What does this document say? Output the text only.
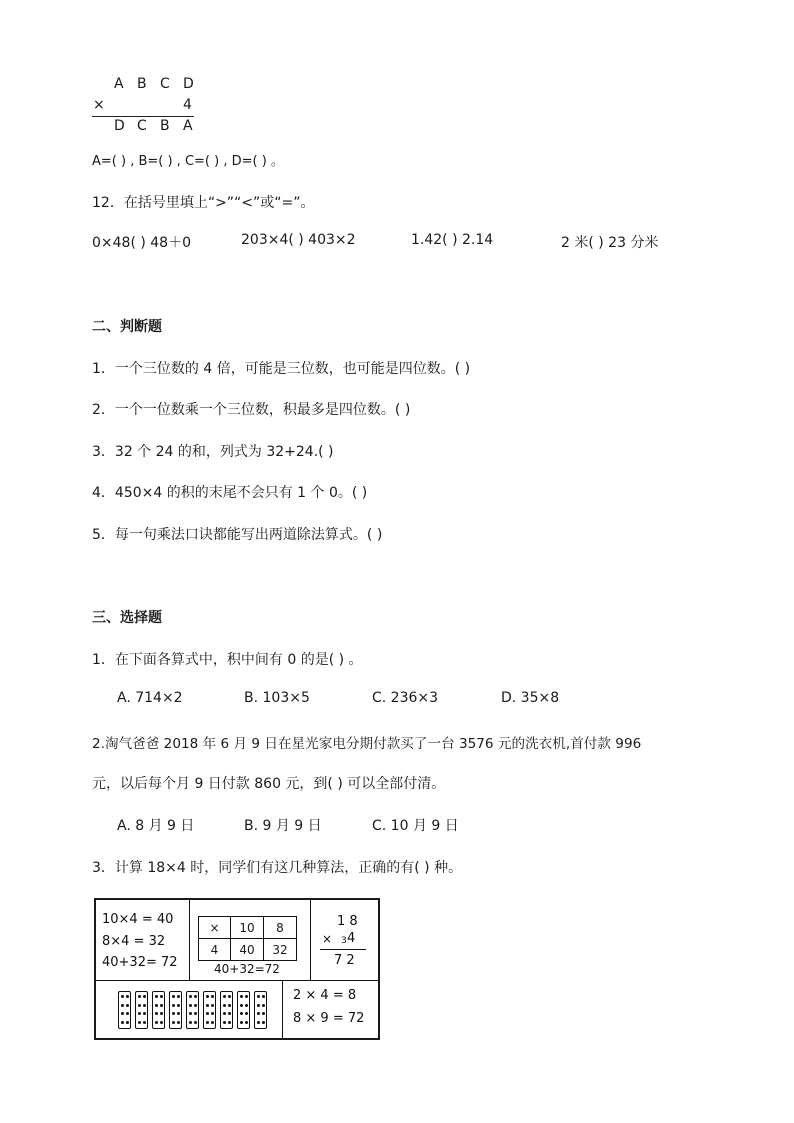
A B C D
×	4
D C B A
A=( ) , B=( ) , C=( ) , D=( ) 。
12．在括号里填上“>”“<”或“=”。
0×48( ) 48＋0	203×4( ) 403×2	1.42( ) 2.14	2 米( ) 23 分米
二、判断题
1．一个三位数的 4 倍，可能是三位数，也可能是四位数。( )
2．一个一位数乘一个三位数，积最多是四位数。( )
3．32 个 24 的和，列式为 32+24.( )
4．450×4 的积的末尾不会只有 1 个 0。( )
5．每一句乘法口诀都能写出两道除法算式。( )
三、选择题
1．在下面各算式中，积中间有 0 的是( ) 。
A. 714×2	B. 103×5	C. 236×3	D. 35×8
2.淘气爸爸 2018 年 6 月 9 日在星光家电分期付款买了一台 3576 元的洗衣机,首付款 996
元，以后每个月 9 日付款 860 元，到( ) 可以全部付清。
A. 8 月 9 日	B. 9 月 9 日	C. 10 月 9 日
3．计算 18×4 时，同学们有这几种算法，正确的有( ) 种。
10×4 = 40
8×4 = 32
40+32= 72
×	10	8
4	40	32
40+32=72
1 8
× 3 4
7 2
2 × 4 = 8
8 × 9 = 72
